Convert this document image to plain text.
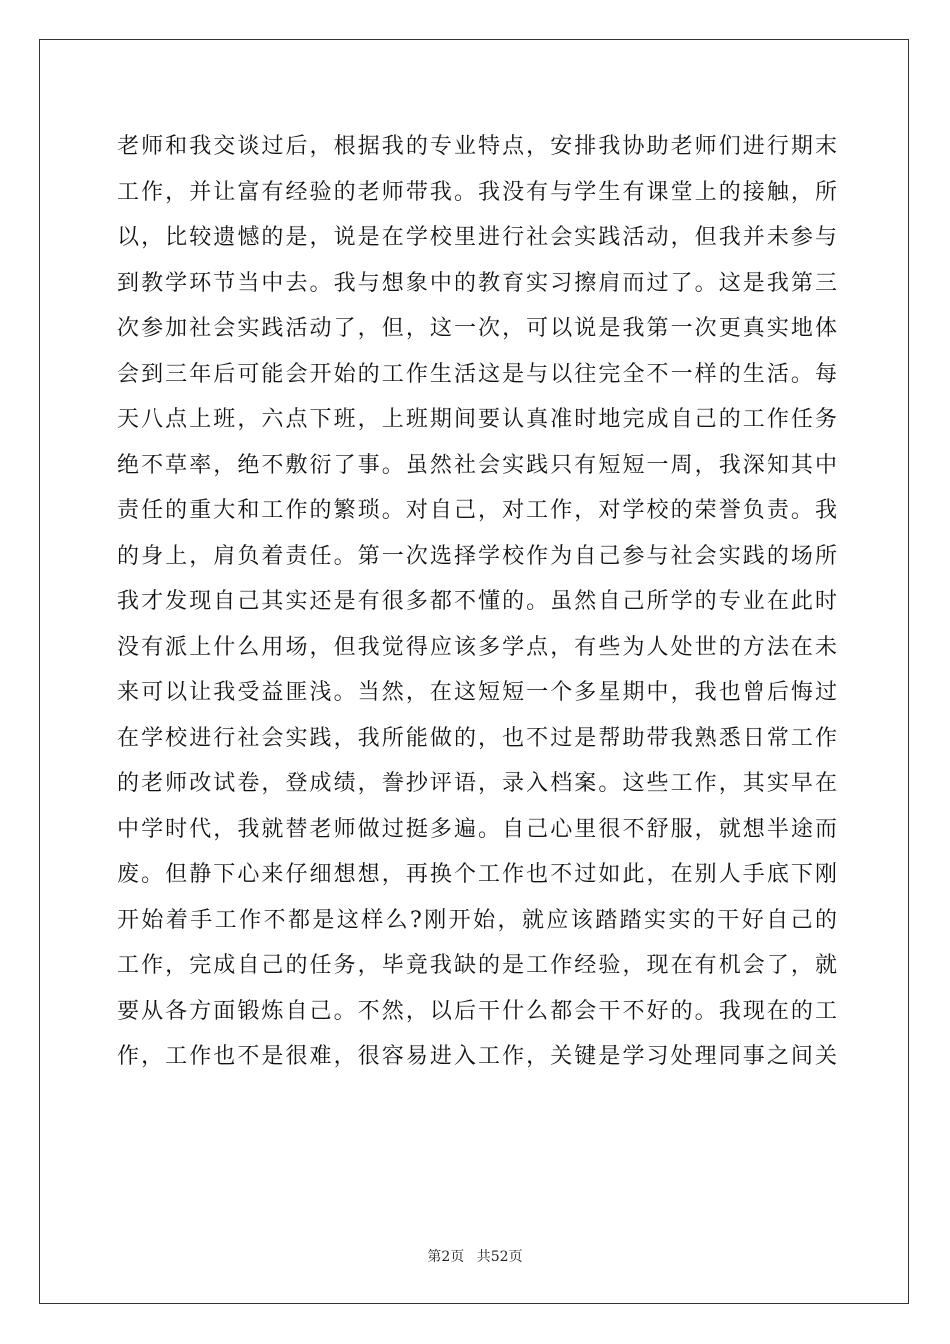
老师和我交谈过后，根据我的专业特点，安排我协助老师们进行期末
工作，并让富有经验的老师带我。我没有与学生有课堂上的接触，所
以，比较遗憾的是，说是在学校里进行社会实践活动，但我并未参与
到教学环节当中去。我与想象中的教育实习擦肩而过了。这是我第三
次参加社会实践活动了，但，这一次，可以说是我第一次更真实地体
会到三年后可能会开始的工作生活这是与以往完全不一样的生活。每
天八点上班，六点下班，上班期间要认真准时地完成自己的工作任务
绝不草率，绝不敷衍了事。虽然社会实践只有短短一周，我深知其中
责任的重大和工作的繁琐。对自己，对工作，对学校的荣誉负责。我
的身上，肩负着责任。第一次选择学校作为自己参与社会实践的场所
我才发现自己其实还是有很多都不懂的。虽然自己所学的专业在此时
没有派上什么用场，但我觉得应该多学点，有些为人处世的方法在未
来可以让我受益匪浅。当然，在这短短一个多星期中，我也曾后悔过
在学校进行社会实践，我所能做的，也不过是帮助带我熟悉日常工作
的老师改试卷，登成绩，誊抄评语，录入档案。这些工作，其实早在
中学时代，我就替老师做过挺多遍。自己心里很不舒服，就想半途而
废。但静下心来仔细想想，再换个工作也不过如此，在别人手底下刚
开始着手工作不都是这样么?刚开始，就应该踏踏实实的干好自己的
工作，完成自己的任务，毕竟我缺的是工作经验，现在有机会了，就
要从各方面锻炼自己。不然，以后干什么都会干不好的。我现在的工
作，工作也不是很难，很容易进入工作，关键是学习处理同事之间关
第2页 共52页
